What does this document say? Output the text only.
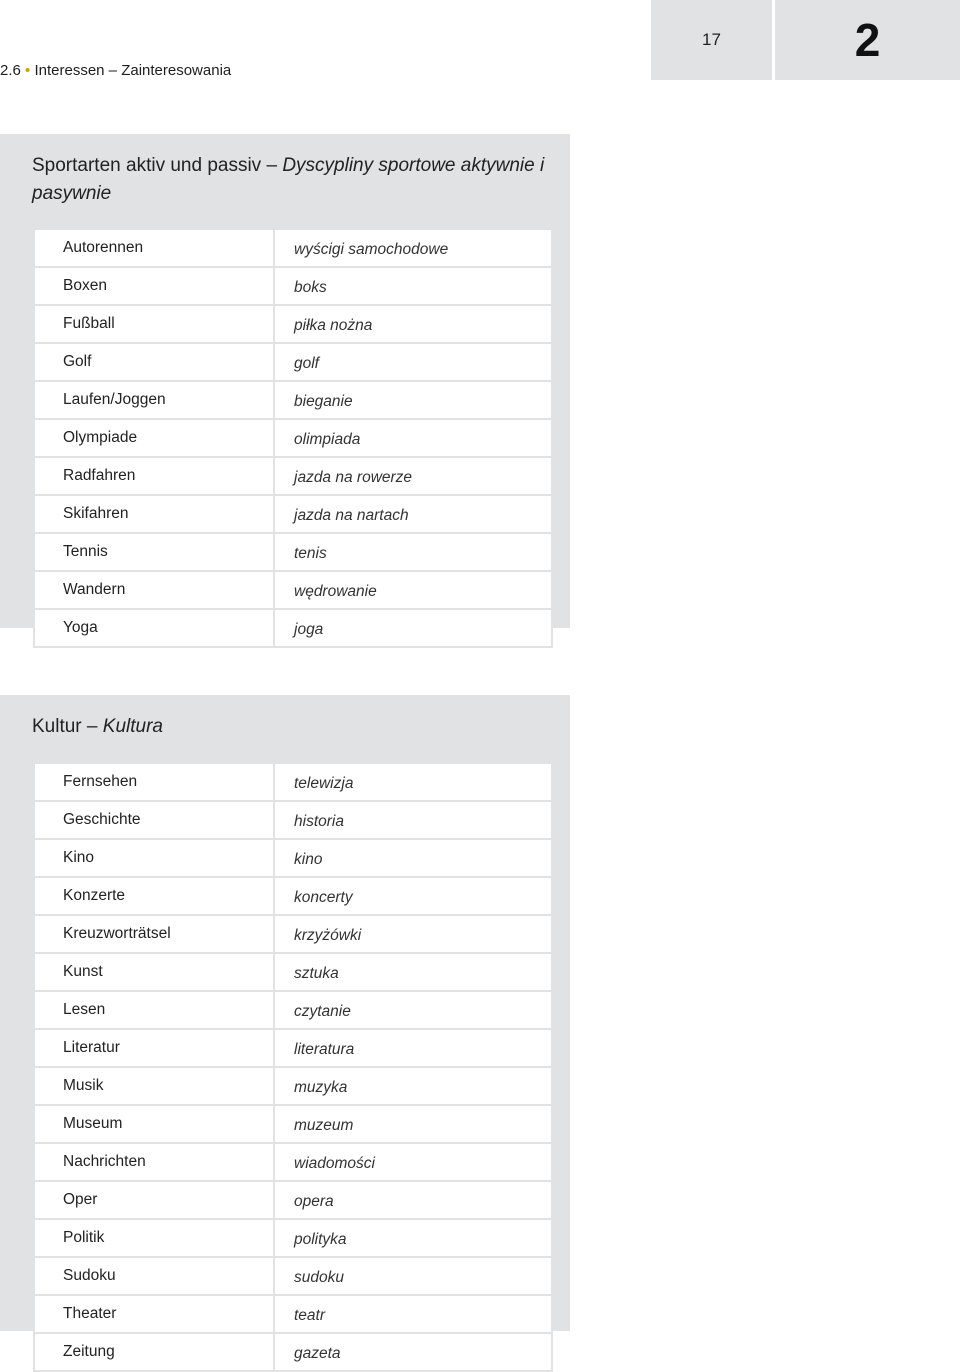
2.6 • Interessen – Zainteresowania
17	2
Sportarten aktiv und passiv – Dyscypliny sportowe aktywnie i pasywnie
Autorennen	wyścigi samochodowe
Boxen	boks
Fußball	piłka nożna
Golf	golf
Laufen/Joggen	bieganie
Olympiade	olimpiada
Radfahren	jazda na rowerze
Skifahren	jazda na nartach
Tennis	tenis
Wandern	wędrowanie
Yoga	joga
Kultur – Kultura
Fernsehen	telewizja
Geschichte	historia
Kino	kino
Konzerte	koncerty
Kreuzworträtsel	krzyżówki
Kunst	sztuka
Lesen	czytanie
Literatur	literatura
Musik	muzyka
Museum	muzeum
Nachrichten	wiadomości
Oper	opera
Politik	polityka
Sudoku	sudoku
Theater	teatr
Zeitung	gazeta
